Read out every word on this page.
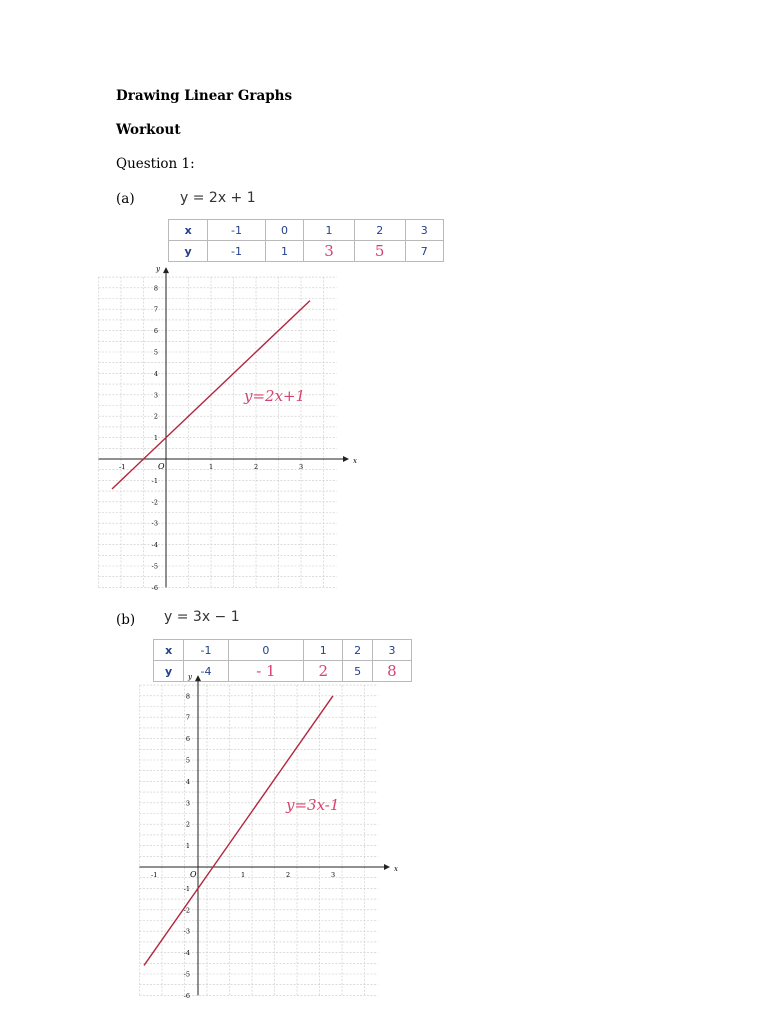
Drawing Linear Graphs
Workout
Question 1:
(a)	y = 2x + 1
x	-1	0	1	2	3
y	-1	1	3	5	7
x
y
-1	O	1	2	3
8
7
6
5
4
3
2
1
-1
-2
-3
-4
-5
-6
y=2x+1
(b) y = 3x − 1
x	-1	0	1	2	3
y	-4	- 1	2	5	8
x
y
-1	O	1	2	3
8
7
6
5
4
3
2
1
-1
-2
-3
-4
-5
-6
y=3x-1
